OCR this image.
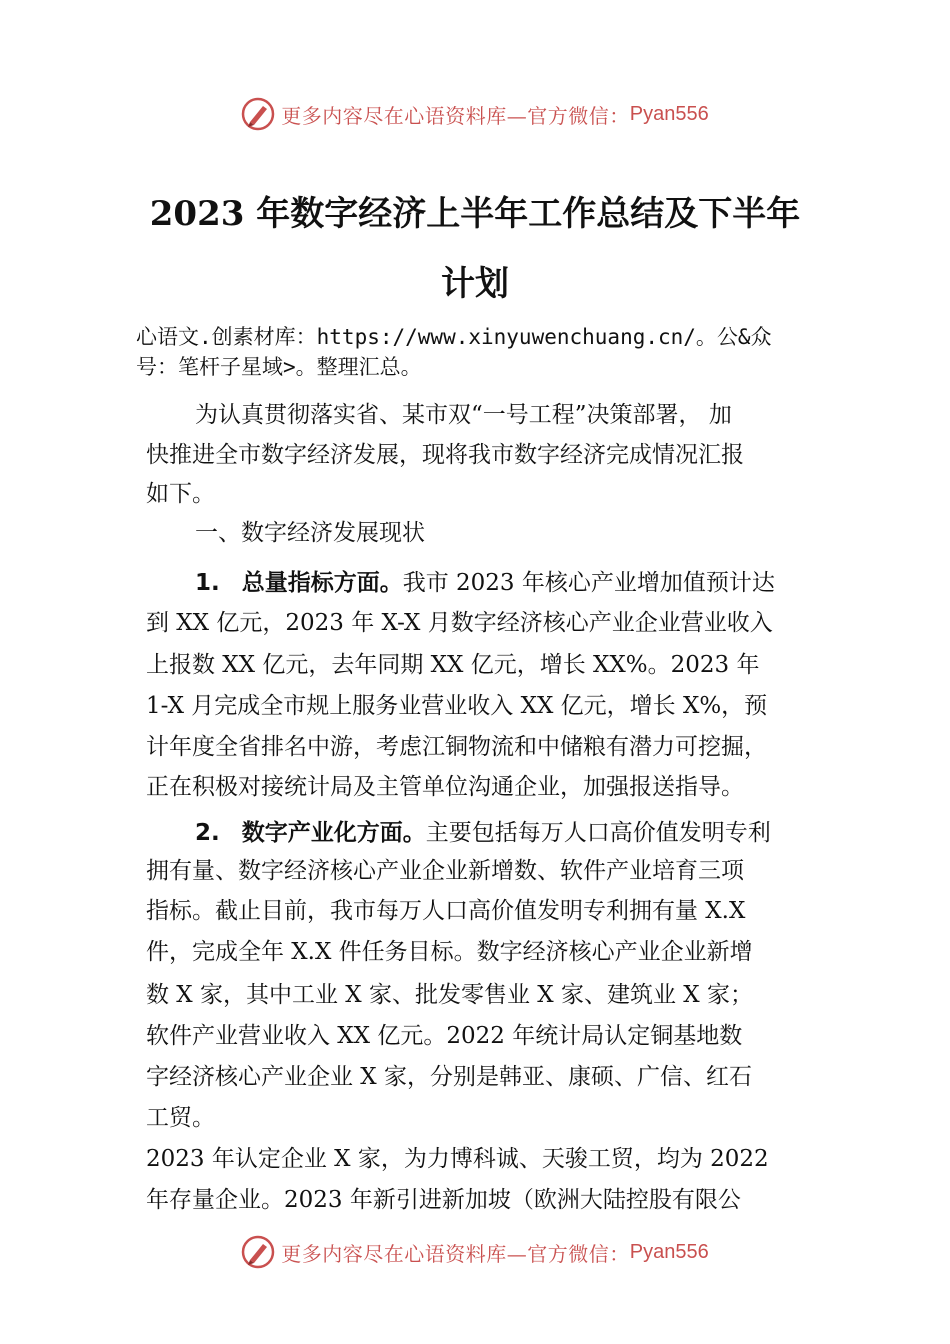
更多内容尽在心语资料库—官方微信： Pyan556
2023 年数字经济上半年工作总结及下半年
计划
心语文.创素材库：https://www.xinyuwenchuang.cn/。公&众
号：笔杆子星域>。整理汇总。
为认真贯彻落实省、某市双“一号工程”决策部署， 加
快推进全市数字经济发展，现将我市数字经济完成情况汇报
如下。
一、数字经济发展现状
1. 总量指标方面。我市 2023 年核心产业增加值预计达
到 XX 亿元，2023 年 X-X 月数字经济核心产业企业营业收入
上报数 XX 亿元，去年同期 XX 亿元，增长 XX%。2023 年
1-X 月完成全市规上服务业营业收入 XX 亿元，增长 X%，预
计年度全省排名中游，考虑江铜物流和中储粮有潜力可挖掘，
正在积极对接统计局及主管单位沟通企业，加强报送指导。
2. 数字产业化方面。主要包括每万人口高价值发明专利
拥有量、数字经济核心产业企业新增数、软件产业培育三项
指标。截止目前，我市每万人口高价值发明专利拥有量 X.X
件，完成全年 X.X 件任务目标。数字经济核心产业企业新增
数 X 家，其中工业 X 家、批发零售业 X 家、建筑业 X 家；
软件产业营业收入 XX 亿元。2022 年统计局认定铜基地数
字经济核心产业企业 X 家，分别是韩亚、康硕、广信、红石
工贸。
2023 年认定企业 X 家，为力博科诚、天骏工贸，均为 2022
年存量企业。2023 年新引进新加坡（欧洲大陆控股有限公
更多内容尽在心语资料库—官方微信： Pyan556
